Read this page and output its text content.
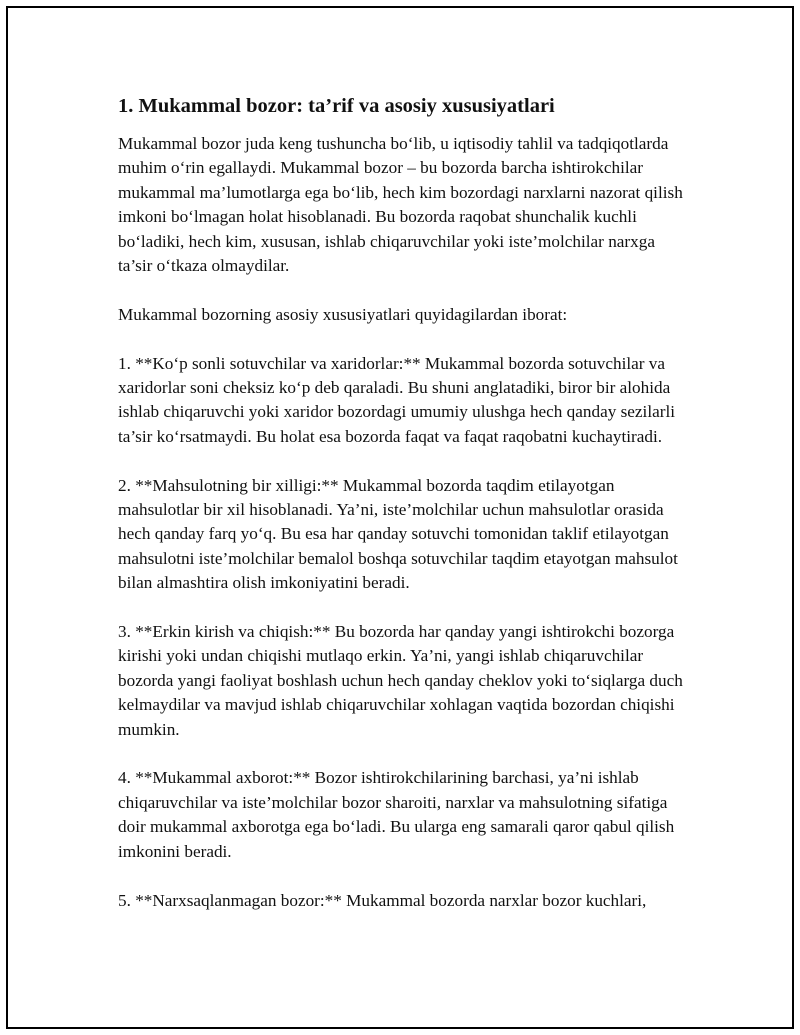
1. Mukammal bozor: ta’rif va asosiy xususiyatlari

Mukammal bozor juda keng tushuncha bo‘lib, u iqtisodiy tahlil va tadqiqotlarda muhim o‘rin egallaydi. Mukammal bozor – bu bozorda barcha ishtirokchilar mukammal ma’lumotlarga ega bo‘lib, hech kim bozordagi narxlarni nazorat qilish imkoni bo‘lmagan holat hisoblanadi. Bu bozorda raqobat shunchalik kuchli bo‘ladiki, hech kim, xususan, ishlab chiqaruvchilar yoki iste’molchilar narxga ta’sir o‘tkaza olmaydilar.

Mukammal bozorning asosiy xususiyatlari quyidagilardan iborat:

1. **Ko‘p sonli sotuvchilar va xaridorlar:** Mukammal bozorda sotuvchilar va xaridorlar soni cheksiz ko‘p deb qaraladi. Bu shuni anglatadiki, biror bir alohida ishlab chiqaruvchi yoki xaridor bozordagi umumiy ulushga hech qanday sezilarli ta’sir ko‘rsatmaydi. Bu holat esa bozorda faqat va faqat raqobatni kuchaytiradi.

2. **Mahsulotning bir xilligi:** Mukammal bozorda taqdim etilayotgan mahsulotlar bir xil hisoblanadi. Ya’ni, iste’molchilar uchun mahsulotlar orasida hech qanday farq yo‘q. Bu esa har qanday sotuvchi tomonidan taklif etilayotgan mahsulotni iste’molchilar bemalol boshqa sotuvchilar taqdim etayotgan mahsulot bilan almashtira olish imkoniyatini beradi.

3. **Erkin kirish va chiqish:** Bu bozorda har qanday yangi ishtirokchi bozorga kirishi yoki undan chiqishi mutlaqo erkin. Ya’ni, yangi ishlab chiqaruvchilar bozorda yangi faoliyat boshlash uchun hech qanday cheklov yoki to‘siqlarga duch kelmaydilar va mavjud ishlab chiqaruvchilar xohlagan vaqtida bozordan chiqishi mumkin.

4. **Mukammal axborot:** Bozor ishtirokchilarining barchasi, ya’ni ishlab chiqaruvchilar va iste’molchilar bozor sharoiti, narxlar va mahsulotning sifatiga doir mukammal axborotga ega bo‘ladi. Bu ularga eng samarali qaror qabul qilish imkonini beradi.

5. **Narxsaqlanmagan bozor:** Mukammal bozorda narxlar bozor kuchlari,
